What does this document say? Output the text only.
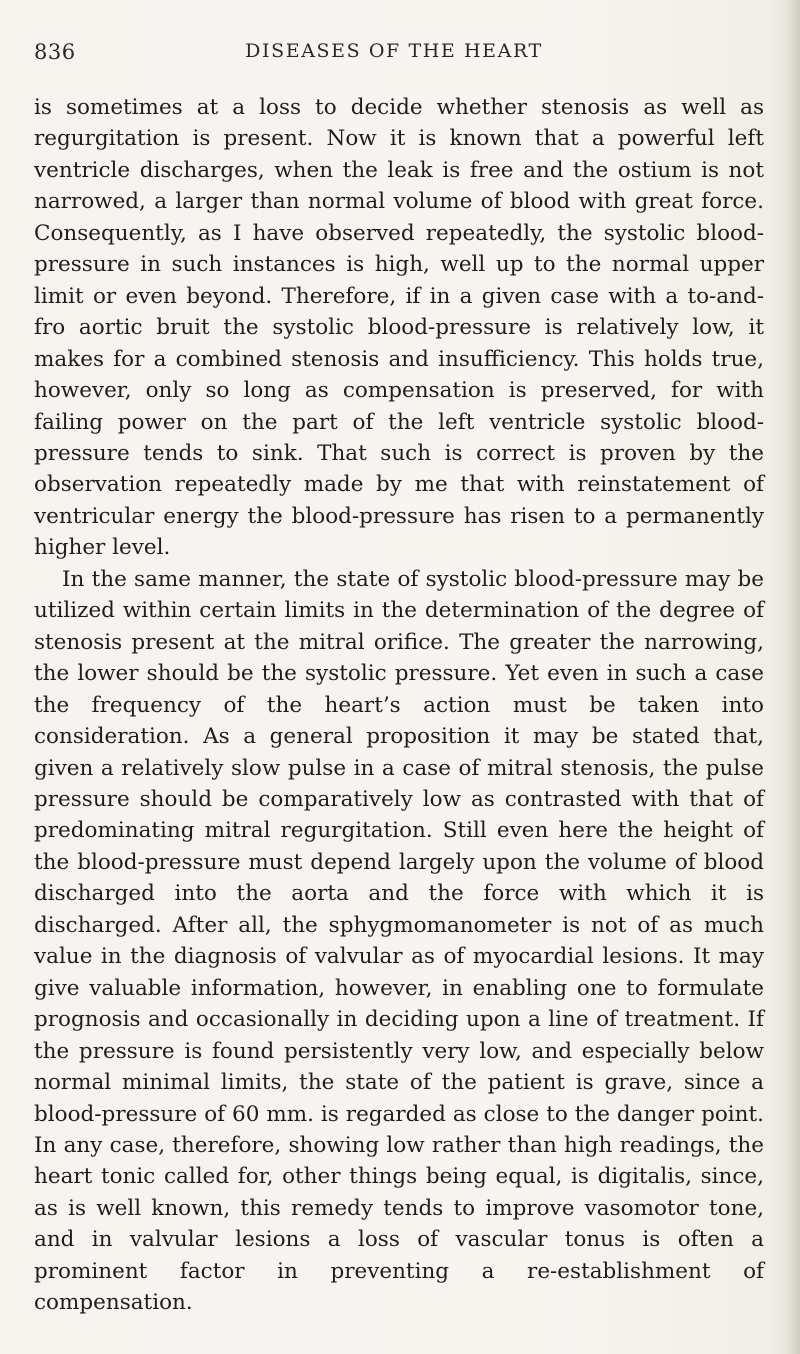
836	DISEASES OF THE HEART

is sometimes at a loss to decide whether stenosis as well as regurgitation is present. Now it is known that a powerful left ventricle discharges, when the leak is free and the ostium is not narrowed, a larger than normal volume of blood with great force. Consequently, as I have observed repeatedly, the systolic blood-pressure in such instances is high, well up to the normal upper limit or even beyond. Therefore, if in a given case with a to-and-fro aortic bruit the systolic blood-pressure is relatively low, it makes for a combined stenosis and insufficiency. This holds true, however, only so long as compensation is preserved, for with failing power on the part of the left ventricle systolic blood-pressure tends to sink. That such is correct is proven by the observation repeatedly made by me that with reinstatement of ventricular energy the blood-pressure has risen to a permanently higher level.

In the same manner, the state of systolic blood-pressure may be utilized within certain limits in the determination of the degree of stenosis present at the mitral orifice. The greater the narrowing, the lower should be the systolic pressure. Yet even in such a case the frequency of the heart’s action must be taken into consideration. As a general proposition it may be stated that, given a relatively slow pulse in a case of mitral stenosis, the pulse pressure should be comparatively low as contrasted with that of predominating mitral regurgitation. Still even here the height of the blood-pressure must depend largely upon the volume of blood discharged into the aorta and the force with which it is discharged. After all, the sphygmomanometer is not of as much value in the diagnosis of valvular as of myocardial lesions. It may give valuable information, however, in enabling one to formulate prognosis and occasionally in deciding upon a line of treatment. If the pressure is found persistently very low, and especially below normal minimal limits, the state of the patient is grave, since a blood-pressure of 60 mm. is regarded as close to the danger point. In any case, therefore, showing low rather than high readings, the heart tonic called for, other things being equal, is digitalis, since, as is well known, this remedy tends to improve vasomotor tone, and in valvular lesions a loss of vascular tonus is often a prominent factor in preventing a re-establishment of compensation.
